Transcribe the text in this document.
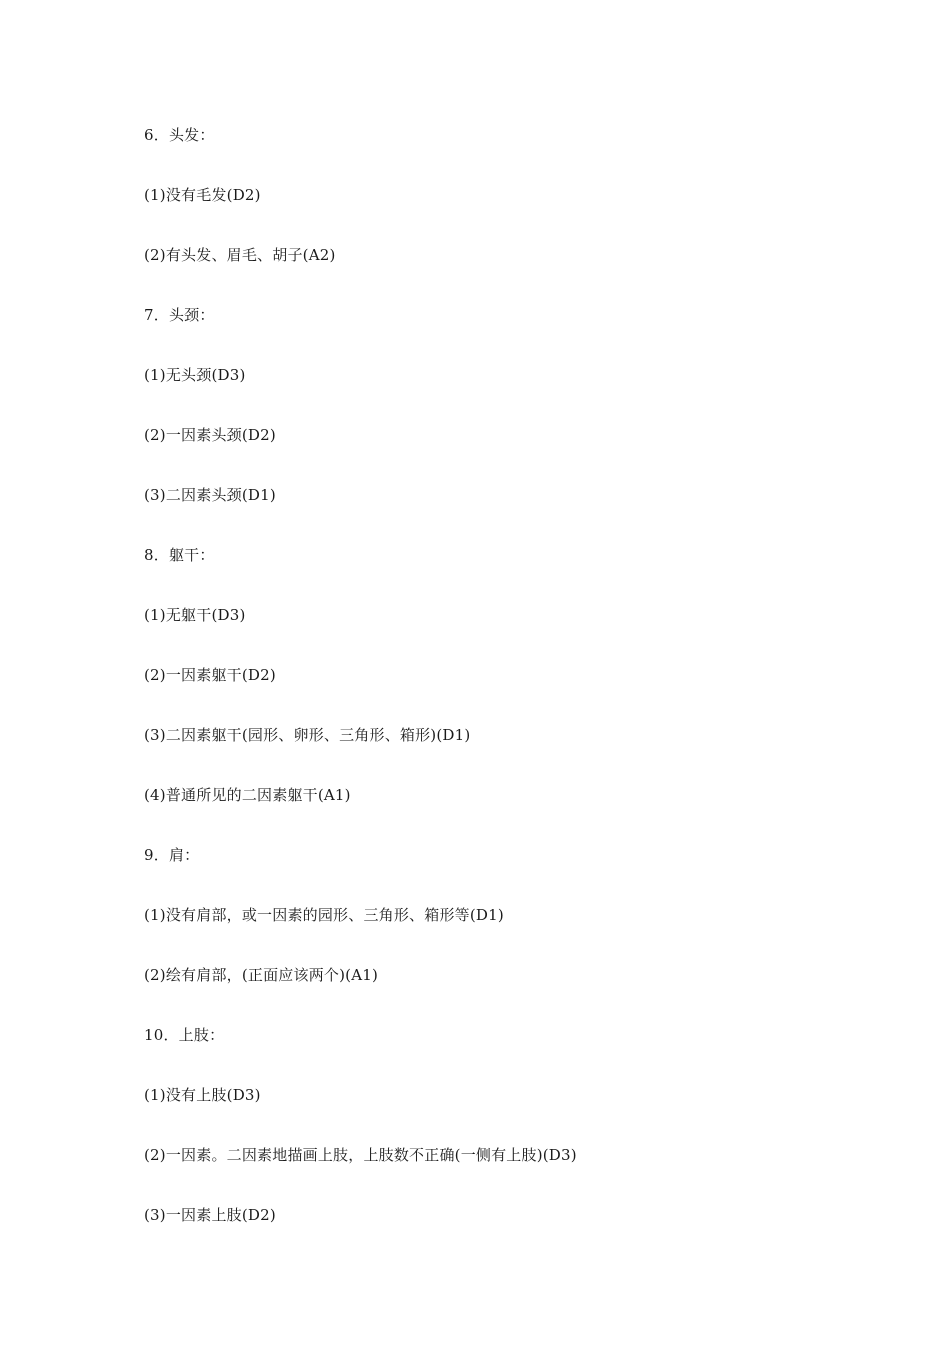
6．头发：
(1)没有毛发(D2)
(2)有头发、眉毛、胡子(A2)
7．头颈：
(1)无头颈(D3)
(2)一因素头颈(D2)
(3)二因素头颈(D1)
8．躯干：
(1)无躯干(D3)
(2)一因素躯干(D2)
(3)二因素躯干(园形、卵形、三角形、箱形)(D1)
(4)普通所见的二因素躯干(A1)
9．肩：
(1)没有肩部，或一因素的园形、三角形、箱形等(D1)
(2)绘有肩部，(正面应该两个)(A1)
10．上肢：
(1)没有上肢(D3)
(2)一因素。二因素地描画上肢，上肢数不正确(一侧有上肢)(D3)
(3)一因素上肢(D2)
